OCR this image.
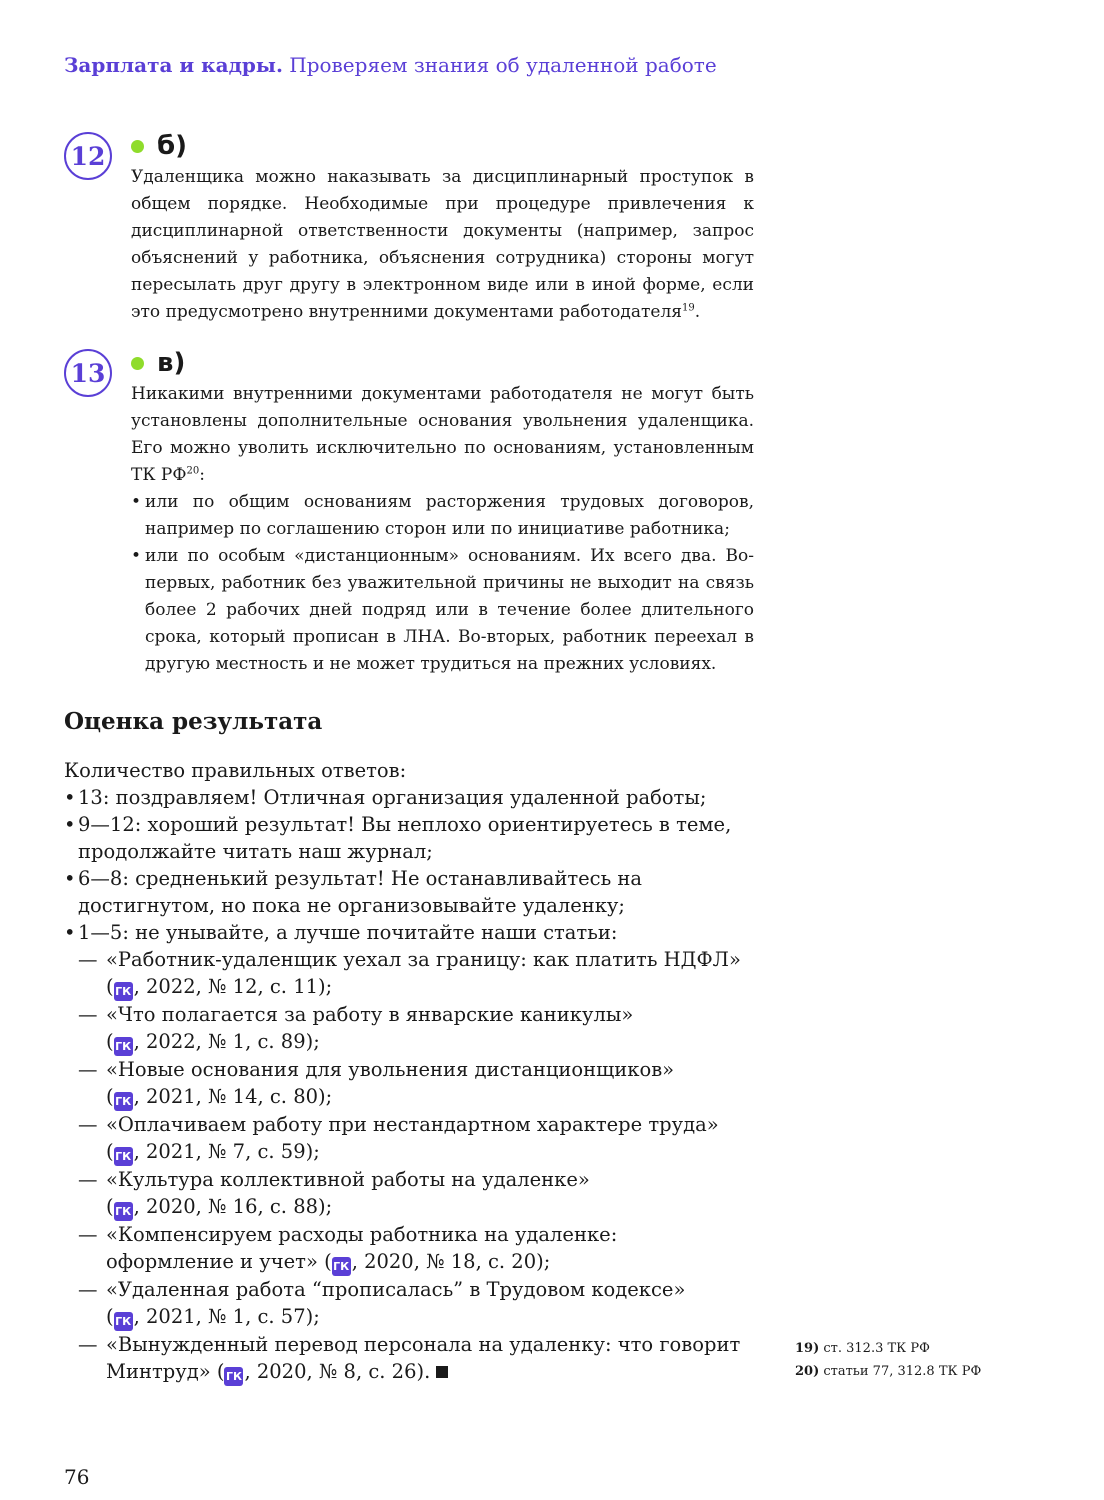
Зарплата и кадры. Проверяем знания об удаленной работе
12 б)

Удаленщика можно наказывать за дисциплинарный проступок в общем порядке. Необходимые при процедуре привлечения к дисциплинарной ответственности документы (например, запрос объяснений у работника, объяснения сотрудника) стороны могут пересылать друг другу в электронном виде или в иной форме, если это предусмотрено внутренними документами работодателя$^{19}$.

13 в)

Никакими внутренними документами работодателя не могут быть установлены дополнительные основания увольнения удаленщика. Его можно уволить исключительно по основаниям, установленным ТК РФ$^{20}$:

• или по общим основаниям расторжения трудовых договоров, например по соглашению сторон или по инициативе работника;
• или по особым «дистанционным» основаниям. Их всего два. Во-первых, работник без уважительной причины не выходит на связь более 2 рабочих дней подряд или в течение более длительного срока, который прописан в ЛНА. Во-вторых, работник переехал в другую местность и не может трудиться на прежних условиях.
Оценка результата

Количество правильных ответов:

• 13: поздравляем! Отличная организация удаленной работы;
• 9—12: хороший результат! Вы неплохо ориентируетесь в теме, продолжайте читать наш журнал;
• 6—8: средненький результат! Не останавливайтесь на достигнутом, но пока не организовывайте удаленку;
• 1—5: не унывайте, а лучше почитайте наши статьи:
— «Работник-удаленщик уехал за границу: как платить НДФЛ»
(ГК , 2022, № 12, с. 11);
— «Что полагается за работу в январские каникулы»
(ГК , 2022, № 1, с. 89);
— «Новые основания для увольнения дистанционщиков»
(ГК , 2021, № 14, с. 80);
— «Оплачиваем работу при нестандартном характере труда»
(ГК , 2021, № 7, с. 59);
— «Культура коллективной работы на удаленке»
(ГК , 2020, № 16, с. 88);
— «Компенсируем расходы работника на удаленке: оформление и учет» (ГК , 2020, № 18, с. 20);
— «Удаленная работа “прописалась” в Трудовом кодексе»
(ГК , 2021, № 1, с. 57);
— «Вынужденный перевод персонала на удаленку: что говорит Минтруд» (ГК , 2020, № 8, с. 26).
19) ст. 312.3 ТК РФ
20) статьи 77, 312.8 ТК РФ
76
